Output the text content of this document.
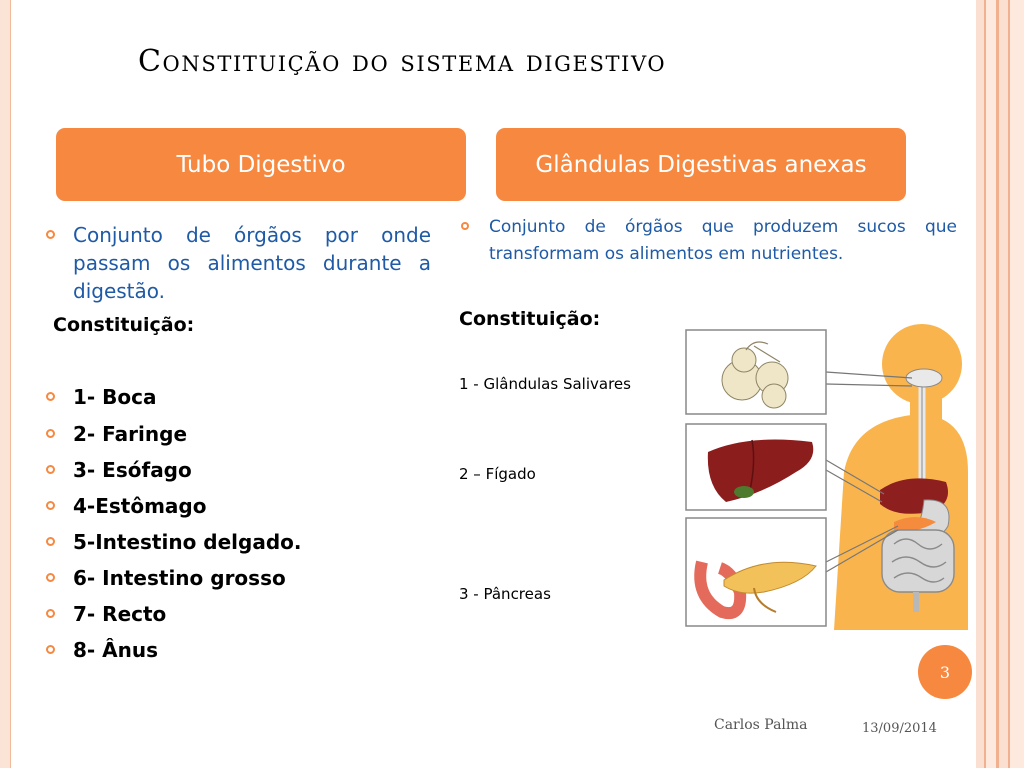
Constituição do sistema digestivo
Tubo Digestivo	Glândulas Digestivas anexas
Conjunto de órgãos por onde passam os alimentos durante a digestão.
Constituição:
1- Boca
2- Faringe
3- Esófago
4-Estômago
5-Intestino delgado.
6- Intestino grosso
7- Recto
8- Ânus
Conjunto de órgãos que produzem sucos que transformam os alimentos em nutrientes.
Constituição:
1 - Glândulas Salivares
2 – Fígado
3 - Pâncreas
3
Carlos Palma	13/09/2014
